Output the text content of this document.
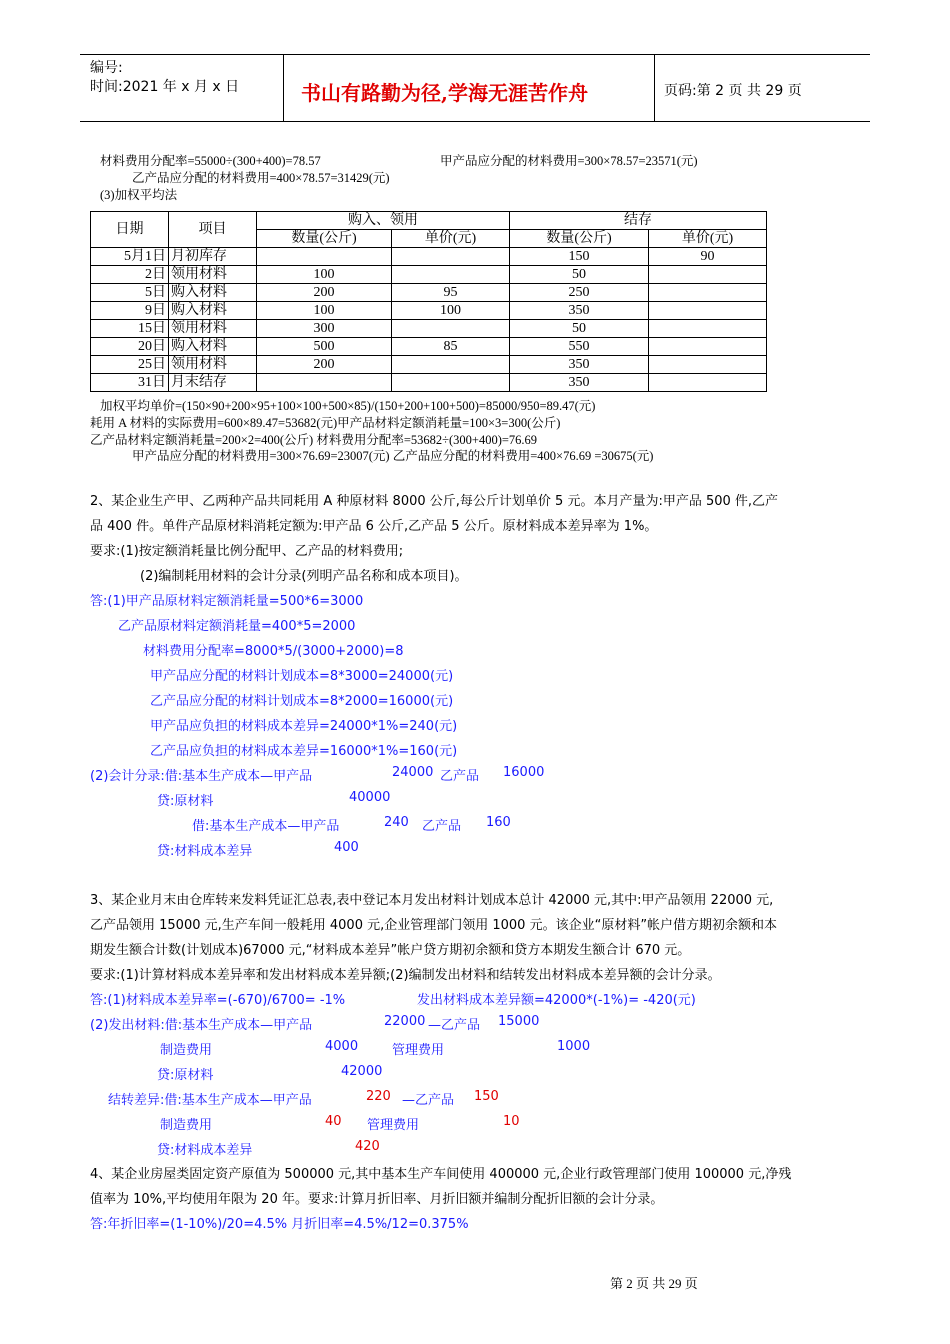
编号:
时间:2021 年 x 月 x 日	书山有路勤为径,学海无涯苦作舟	页码:第 2 页 共 29 页
材料费用分配率=55000÷(300+400)=78.57	甲产品应分配的材料费用=300×78.57=23571(元)
乙产品应分配的材料费用=400×78.57=31429(元)
(3)加权平均法
日期	项目	购入、领用		结存	
		数量(公斤)	单价(元)	数量(公斤)	单价(元)
5月1日	月初库存			150	90
2日	领用材料	100		50	
5日	购入材料	200	95	250	
9日	购入材料	100	100	350	
15日	领用材料	300		50	
20日	购入材料	500	85	550	
25日	领用材料	200		350	
31日	月末结存			350	
加权平均单价=(150×90+200×95+100×100+500×85)/(150+200+100+500)=85000/950=89.47(元)
耗用 A 材料的实际费用=600×89.47=53682(元)甲产品材料定额消耗量=100×3=300(公斤)
乙产品材料定额消耗量=200×2=400(公斤) 材料费用分配率=53682÷(300+400)=76.69
甲产品应分配的材料费用=300×76.69=23007(元) 乙产品应分配的材料费用=400×76.69 =30675(元)
2、某企业生产甲、乙两种产品共同耗用 A 种原材料 8000 公斤,每公斤计划单价 5 元。本月产量为:甲产品 500 件,乙产
品 400 件。单件产品原材料消耗定额为:甲产品 6 公斤,乙产品 5 公斤。原材料成本差异率为 1%。
要求:(1)按定额消耗量比例分配甲、乙产品的材料费用;
(2)编制耗用材料的会计分录(列明产品名称和成本项目)。
答:(1)甲产品原材料定额消耗量=500*6=3000
乙产品原材料定额消耗量=400*5=2000
材料费用分配率=8000*5/(3000+2000)=8
甲产品应分配的材料计划成本=8*3000=24000(元)
乙产品应分配的材料计划成本=8*2000=16000(元)
甲产品应负担的材料成本差异=24000*1%=240(元)
乙产品应负担的材料成本差异=16000*1%=160(元)
(2)会计分录:借:基本生产成本—甲产品	24000 乙产品 16000
贷:原材料	40000
借:基本生产成本—甲产品	240 乙产品 160
贷:材料成本差异	400
3、某企业月末由仓库转来发料凭证汇总表,表中登记本月发出材料计划成本总计 42000 元,其中:甲产品领用 22000 元,
乙产品领用 15000 元,生产车间一般耗用 4000 元,企业管理部门领用 1000 元。该企业“原材料”帐户借方期初余额和本
期发生额合计数(计划成本)67000 元,“材料成本差异”帐户贷方期初余额和贷方本期发生额合计 670 元。
要求:(1)计算材料成本差异率和发出材料成本差异额;(2)编制发出材料和结转发出材料成本差异额的会计分录。
答:(1)材料成本差异率=(-670)/6700= -1%	发出材料成本差异额=42000*(-1%)= -420(元)
(2)发出材料:借:基本生产成本—甲产品	22000 —乙产品 15000
制造费用	4000	管理费用	1000
贷:原材料	42000
结转差异:借:基本生产成本—甲产品	220 —乙产品 150
制造费用	40 管理费用	10
贷:材料成本差异	420
4、某企业房屋类固定资产原值为 500000 元,其中基本生产车间使用 400000 元,企业行政管理部门使用 100000 元,净残
值率为 10%,平均使用年限为 20 年。要求:计算月折旧率、月折旧额并编制分配折旧额的会计分录。
答:年折旧率=(1-10%)/20=4.5% 月折旧率=4.5%/12=0.375%
第 2 页 共 29 页
